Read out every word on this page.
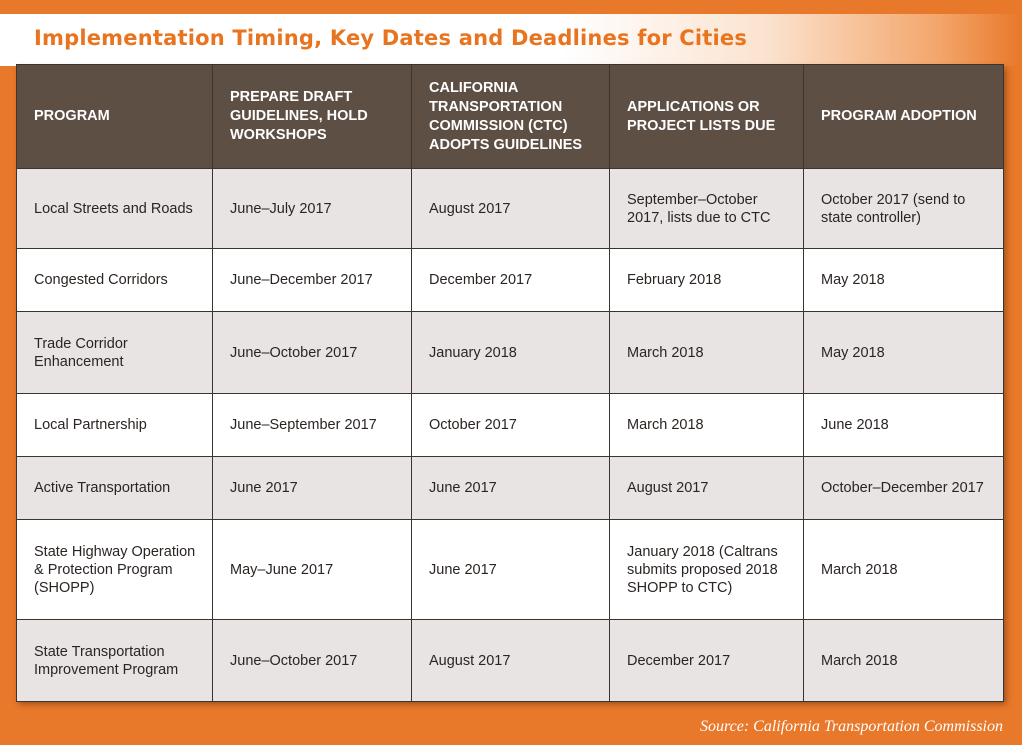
Implementation Timing, Key Dates and Deadlines for Cities
PROGRAM	PREPARE DRAFT GUIDELINES, HOLD WORKSHOPS	CALIFORNIA TRANSPORTATION COMMISSION (CTC) ADOPTS GUIDELINES	APPLICATIONS OR PROJECT LISTS DUE	PROGRAM ADOPTION
Local Streets and Roads	June–July 2017	August 2017	September–October 2017, lists due to CTC	October 2017 (send to state controller)
Congested Corridors	June–December 2017	December 2017	February 2018	May 2018
Trade Corridor Enhancement	June–October 2017	January 2018	March 2018	May 2018
Local Partnership	June–September 2017	October 2017	March 2018	June 2018
Active Transportation	June 2017	June 2017	August 2017	October–December 2017
State Highway Operation & Protection Program (SHOPP)	May–June 2017	June 2017	January 2018 (Caltrans submits proposed 2018 SHOPP to CTC)	March 2018
State Transportation Improvement Program	June–October 2017	August 2017	December 2017	March 2018
Source: California Transportation Commission
